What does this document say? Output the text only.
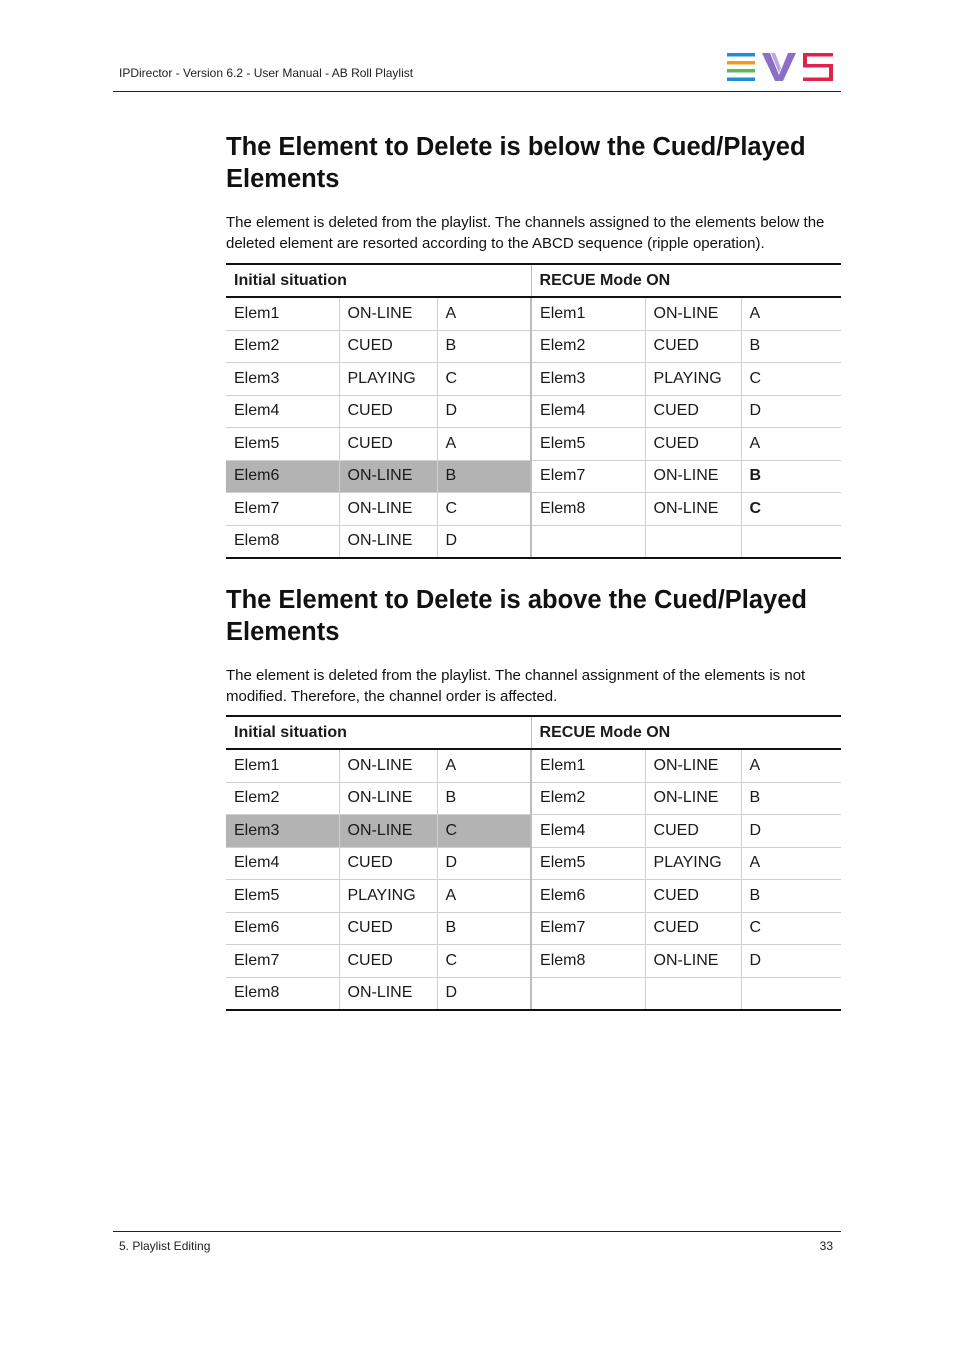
IPDirector - Version 6.2 - User Manual - AB Roll Playlist
The Element to Delete is below the Cued/Played Elements

The element is deleted from the playlist. The channels assigned to the elements below the deleted element are resorted according to the ABCD sequence (ripple operation).

Initial situation			RECUE Mode ON		
Elem1	ON-LINE	A	Elem1	ON-LINE	A
Elem2	CUED	B	Elem2	CUED	B
Elem3	PLAYING	C	Elem3	PLAYING	C
Elem4	CUED	D	Elem4	CUED	D
Elem5	CUED	A	Elem5	CUED	A
Elem6	ON-LINE	B	Elem7	ON-LINE	B
Elem7	ON-LINE	C	Elem8	ON-LINE	C
Elem8	ON-LINE	D			
The Element to Delete is above the Cued/Played Elements

The element is deleted from the playlist. The channel assignment of the elements is not modified. Therefore, the channel order is affected.

Initial situation			RECUE Mode ON		
Elem1	ON-LINE	A	Elem1	ON-LINE	A
Elem2	ON-LINE	B	Elem2	ON-LINE	B
Elem3	ON-LINE	C	Elem4	CUED	D
Elem4	CUED	D	Elem5	PLAYING	A
Elem5	PLAYING	A	Elem6	CUED	B
Elem6	CUED	B	Elem7	CUED	C
Elem7	CUED	C	Elem8	ON-LINE	D
Elem8	ON-LINE	D			
5. Playlist Editing	33
